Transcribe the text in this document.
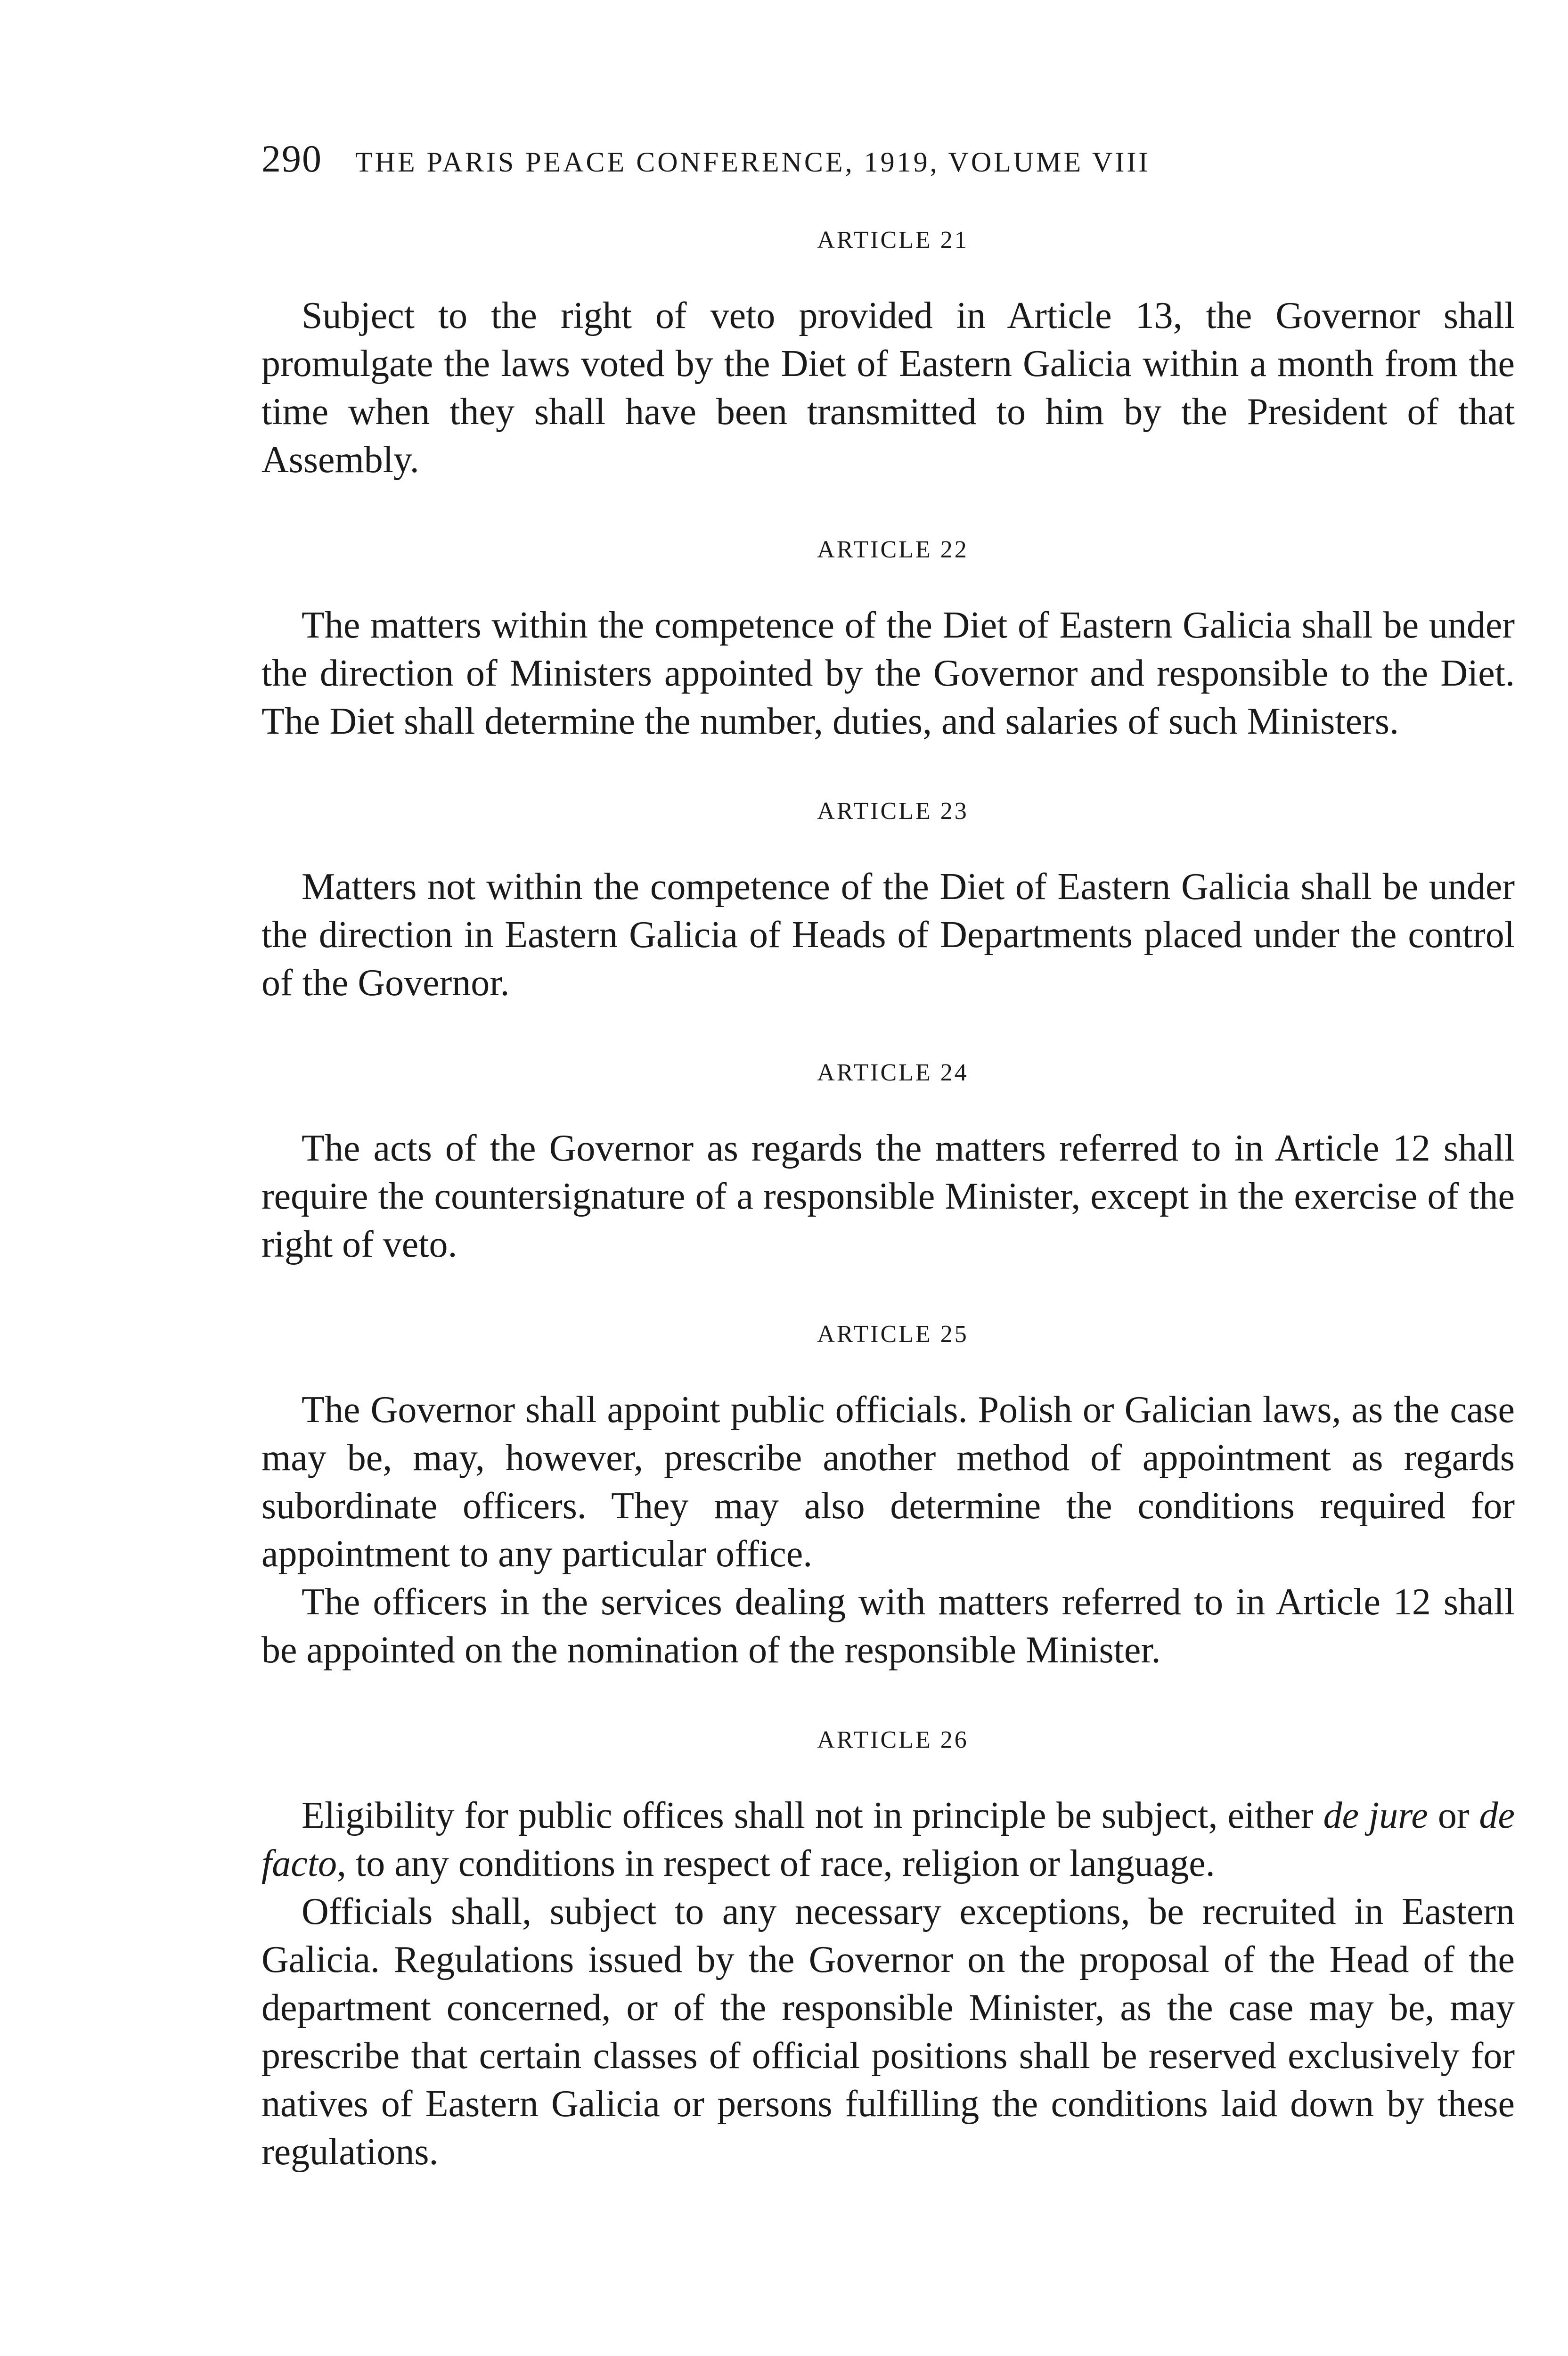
290 THE PARIS PEACE CONFERENCE, 1919, VOLUME VIII
ARTICLE 21

Subject to the right of veto provided in Article 13, the Governor shall promulgate the laws voted by the Diet of Eastern Galicia within a month from the time when they shall have been transmitted to him by the President of that Assembly.

ARTICLE 22

The matters within the competence of the Diet of Eastern Galicia shall be under the direction of Ministers appointed by the Governor and responsible to the Diet. The Diet shall determine the number, duties, and salaries of such Ministers.

ARTICLE 23

Matters not within the competence of the Diet of Eastern Galicia shall be under the direction in Eastern Galicia of Heads of Departments placed under the control of the Governor.

ARTICLE 24

The acts of the Governor as regards the matters referred to in Article 12 shall require the countersignature of a responsible Minister, except in the exercise of the right of veto.

ARTICLE 25

The Governor shall appoint public officials. Polish or Galician laws, as the case may be, may, however, prescribe another method of appointment as regards subordinate officers. They may also determine the conditions required for appointment to any particular office.

The officers in the services dealing with matters referred to in Article 12 shall be appointed on the nomination of the responsible Minister.

ARTICLE 26

Eligibility for public offices shall not in principle be subject, either de jure or de facto, to any conditions in respect of race, religion or language.

Officials shall, subject to any necessary exceptions, be recruited in Eastern Galicia. Regulations issued by the Governor on the proposal of the Head of the department concerned, or of the responsible Minister, as the case may be, may prescribe that certain classes of official positions shall be reserved exclusively for natives of Eastern Galicia or persons fulfilling the conditions laid down by these regulations.
